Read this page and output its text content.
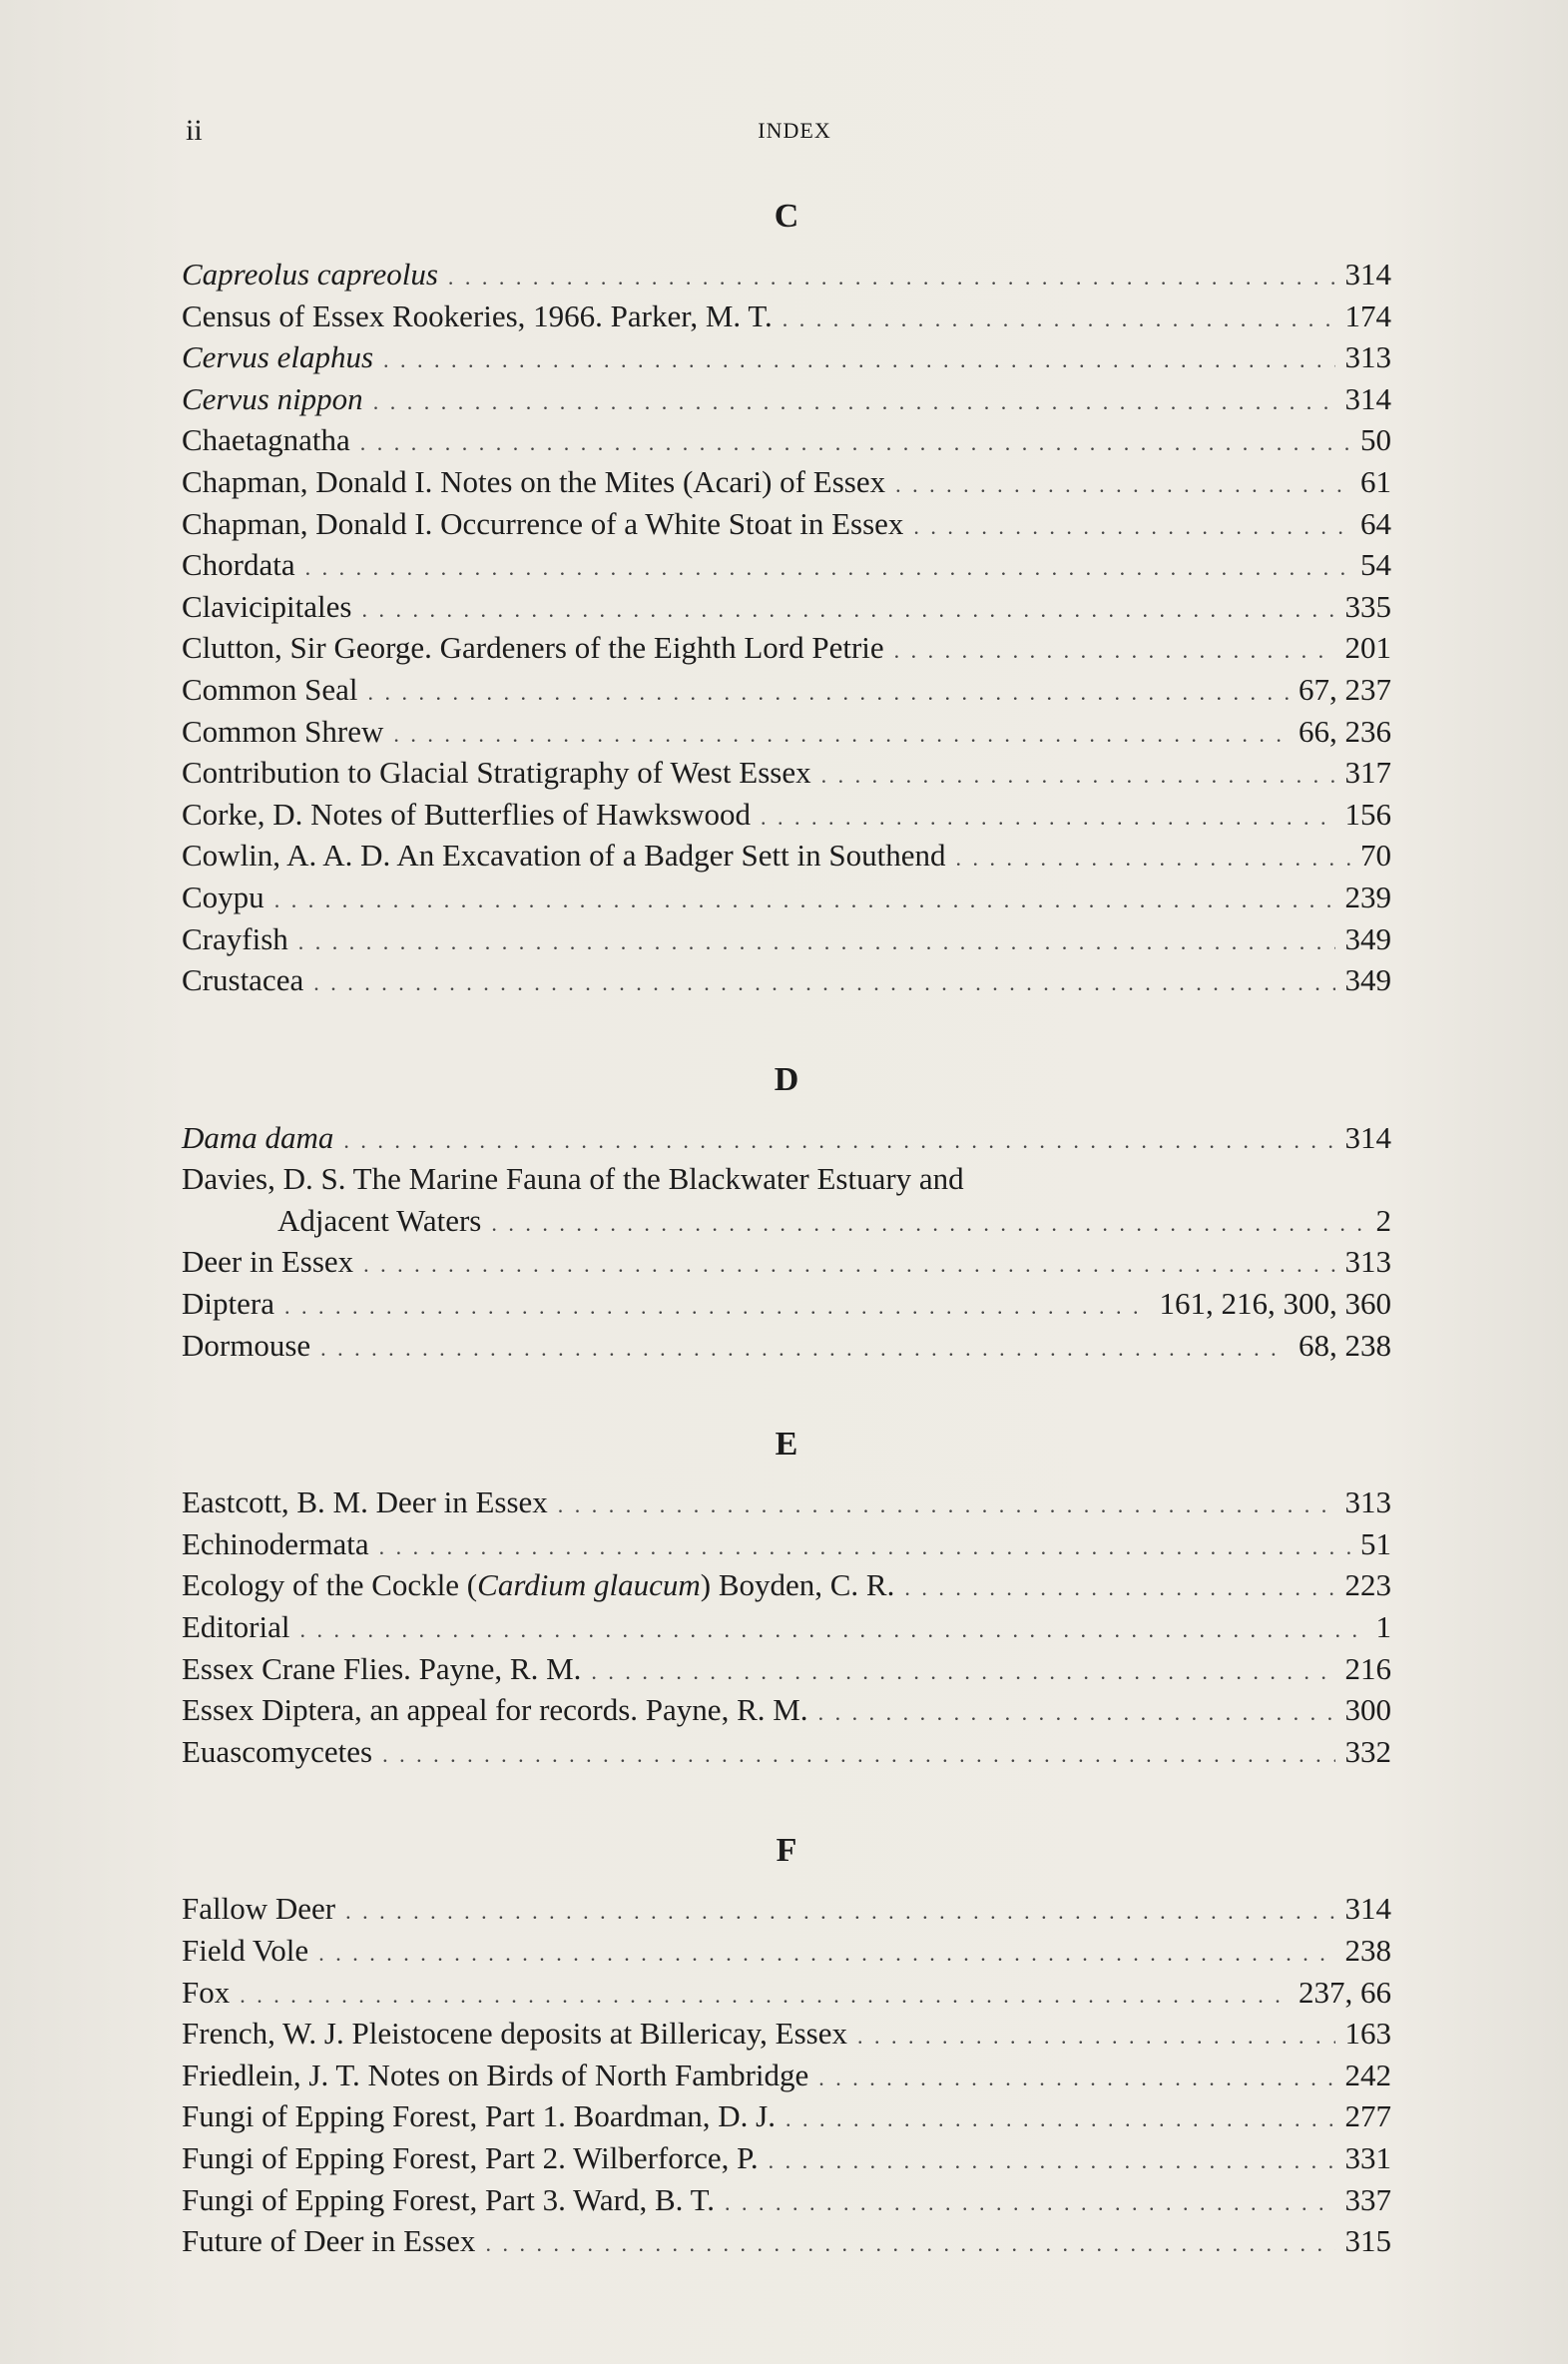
ii	INDEX
C
Capreolus capreolus . . .	314
Census of Essex Rookeries, 1966. Parker, M. T. . . .	174
Cervus elaphus . . .	313
Cervus nippon . . .	314
Chaetagnatha . . .	50
Chapman, Donald I. Notes on the Mites (Acari) of Essex . . .	61
Chapman, Donald I. Occurrence of a White Stoat in Essex . . .	64
Chordata . . .	54
Clavicipitales . . .	335
Clutton, Sir George. Gardeners of the Eighth Lord Petrie . . .	201
Common Seal . . .	67, 237
Common Shrew . . .	66, 236
Contribution to Glacial Stratigraphy of West Essex . . .	317
Corke, D. Notes of Butterflies of Hawkswood . . .	156
Cowlin, A. A. D. An Excavation of a Badger Sett in Southend . . .	70
Coypu . . .	239
Crayfish . . .	349
Crustacea . . .	349
D
Dama dama . . .	314
Davies, D. S. The Marine Fauna of the Blackwater Estuary and
Adjacent Waters . . .	2
Deer in Essex . . .	313
Diptera . . .	161, 216, 300, 360
Dormouse . . .	68, 238
E
Eastcott, B. M. Deer in Essex . . .	313
Echinodermata . . .	51
Ecology of the Cockle (Cardium glaucum) Boyden, C. R. . . .	223
Editorial . . .	1
Essex Crane Flies. Payne, R. M. . . .	216
Essex Diptera, an appeal for records. Payne, R. M. . . .	300
Euascomycetes . . .	332
F
Fallow Deer . . .	314
Field Vole . . .	238
Fox . . .	237, 66
French, W. J. Pleistocene deposits at Billericay, Essex . . .	163
Friedlein, J. T. Notes on Birds of North Fambridge . . .	242
Fungi of Epping Forest, Part 1. Boardman, D. J. . . .	277
Fungi of Epping Forest, Part 2. Wilberforce, P. . . .	331
Fungi of Epping Forest, Part 3. Ward, B. T. . . .	337
Future of Deer in Essex . . .	315
